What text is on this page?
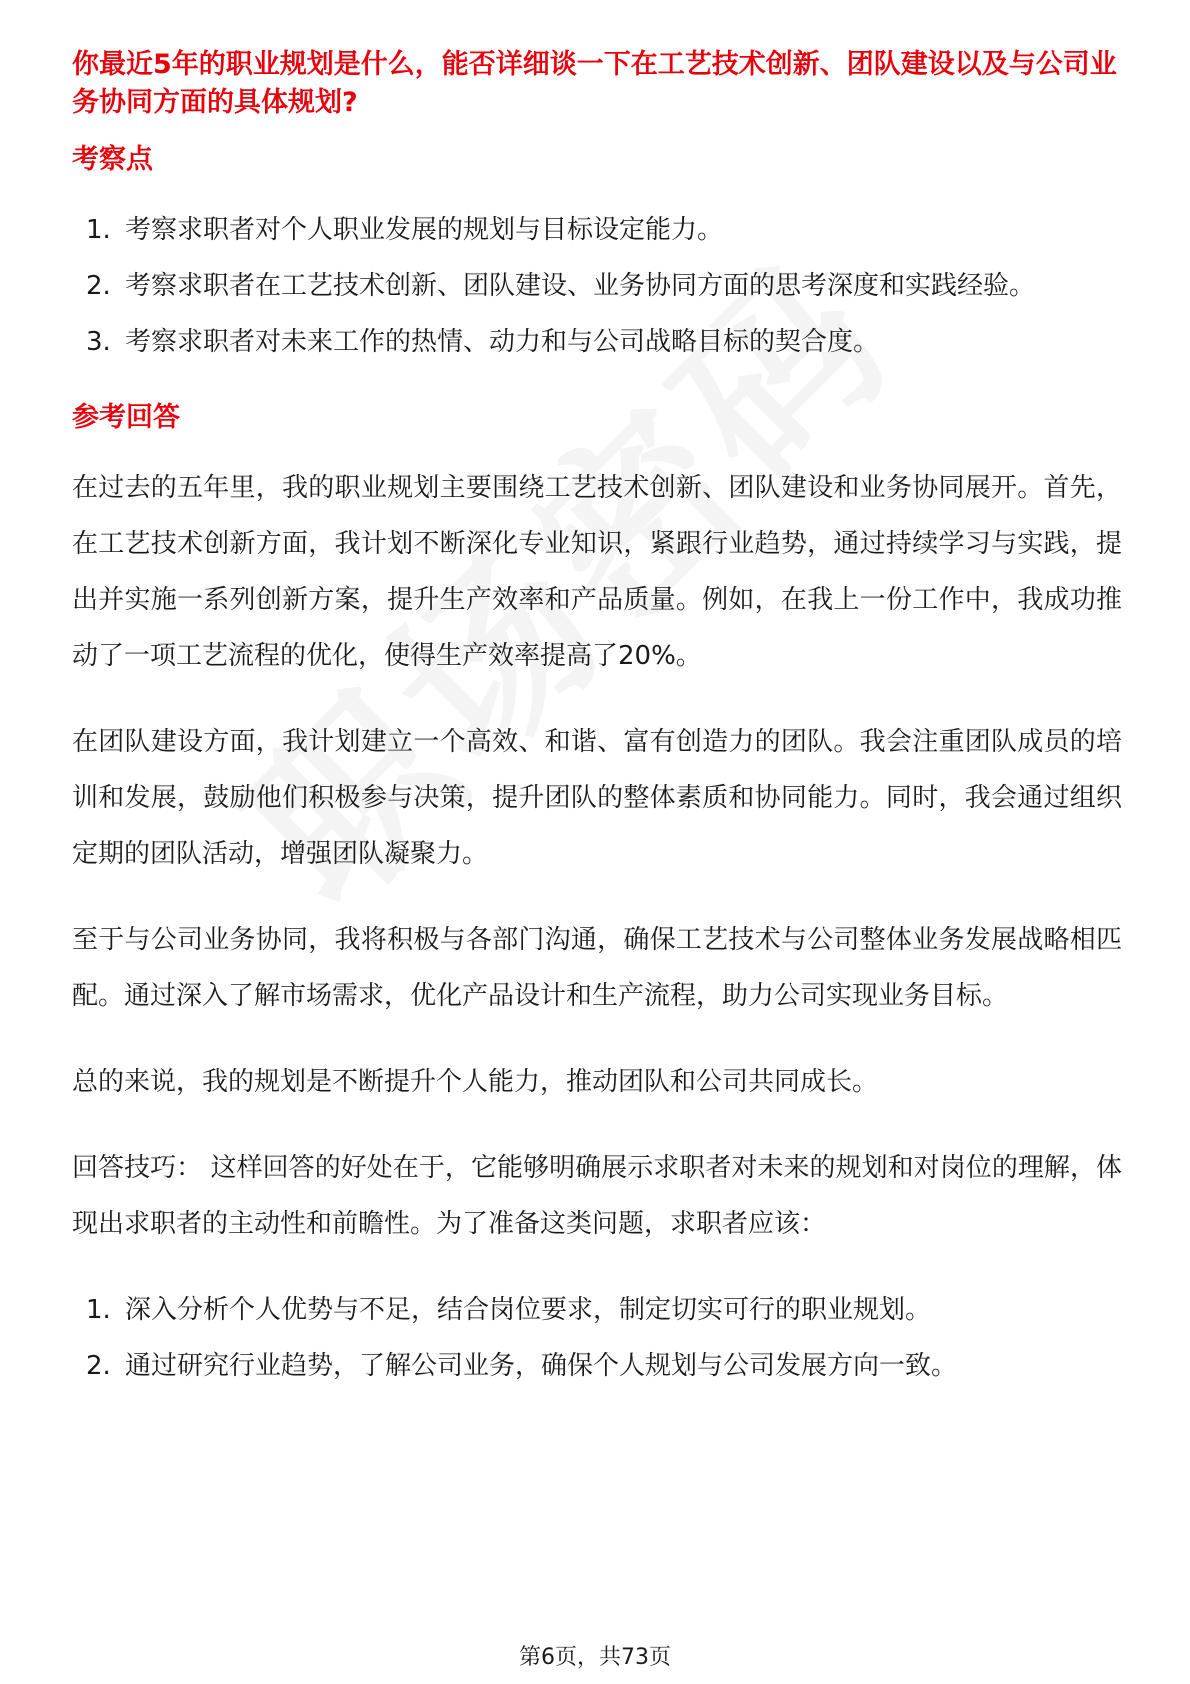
你最近5年的职业规划是什么，能否详细谈一下在工艺技术创新、团队建设以及与公司业务协同方面的具体规划?
考察点
1. 考察求职者对个人职业发展的规划与目标设定能力。
2. 考察求职者在工艺技术创新、团队建设、业务协同方面的思考深度和实践经验。
3. 考察求职者对未来工作的热情、动力和与公司战略目标的契合度。
参考回答

在过去的五年里，我的职业规划主要围绕工艺技术创新、团队建设和业务协同展开。首先，在工艺技术创新方面，我计划不断深化专业知识，紧跟行业趋势，通过持续学习与实践，提出并实施一系列创新方案，提升生产效率和产品质量。例如，在我上一份工作中，我成功推动了一项工艺流程的优化，使得生产效率提高了20%。

在团队建设方面，我计划建立一个高效、和谐、富有创造力的团队。我会注重团队成员的培训和发展，鼓励他们积极参与决策，提升团队的整体素质和协同能力。同时，我会通过组织定期的团队活动，增强团队凝聚力。

至于与公司业务协同，我将积极与各部门沟通，确保工艺技术与公司整体业务发展战略相匹配。通过深入了解市场需求，优化产品设计和生产流程，助力公司实现业务目标。

总的来说，我的规划是不断提升个人能力，推动团队和公司共同成长。

回答技巧： 这样回答的好处在于，它能够明确展示求职者对未来的规划和对岗位的理解，体现出求职者的主动性和前瞻性。为了准备这类问题，求职者应该：

1. 深入分析个人优势与不足，结合岗位要求，制定切实可行的职业规划。
2. 通过研究行业趋势，了解公司业务，确保个人规划与公司发展方向一致。
第6页，共73页
